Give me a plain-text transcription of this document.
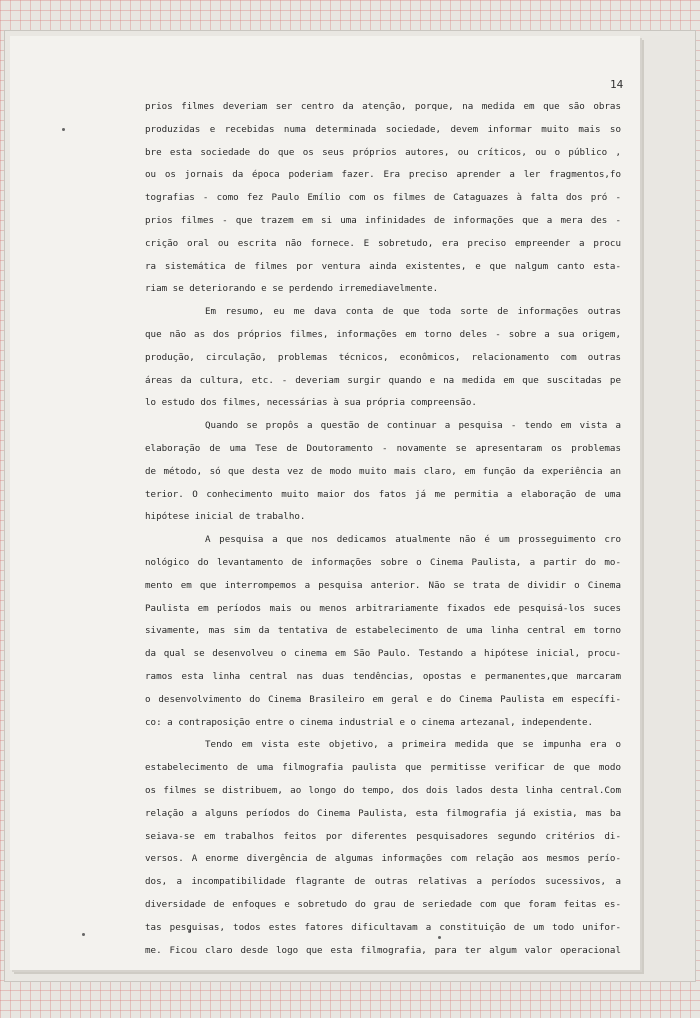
14
prios filmes deveriam ser centro da atenção, porque, na medida em que são obras
produzidas e recebidas numa determinada sociedade, devem informar muito mais so
bre esta sociedade do que os seus próprios autores, ou críticos, ou o público ,
ou os jornais da época poderiam fazer. Era preciso aprender a ler fragmentos,fo
tografias - como fez Paulo Emílio com os filmes de Cataguazes à falta dos pró -
prios filmes - que trazem em si uma infinidades de informações que a mera des -
crição oral ou escrita não fornece. E sobretudo, era preciso empreender a procu
ra sistemática de filmes por ventura ainda existentes, e que nalgum canto esta-
riam se deteriorando e se perdendo irremediavelmente.
Em resumo, eu me dava conta de que toda sorte de informações outras
que não as dos próprios filmes, informações em torno deles - sobre a sua origem,
produção, circulação, problemas técnicos, econômicos, relacionamento com outras
áreas da cultura, etc. - deveriam surgir quando e na medida em que suscitadas pe
lo estudo dos filmes, necessárias à sua própria compreensão.
Quando se propôs a questão de continuar a pesquisa - tendo em vista a
elaboração de uma Tese de Doutoramento - novamente se apresentaram os problemas
de método, só que desta vez de modo muito mais claro, em função da experiência an
terior. O conhecimento muito maior dos fatos já me permitia a elaboração de uma
hipótese inicial de trabalho.
A pesquisa a que nos dedicamos atualmente não é um prosseguimento cro
nológico do levantamento de informações sobre o Cinema Paulista, a partir do mo-
mento em que interrompemos a pesquisa anterior. Não se trata de dividir o Cinema
Paulista em períodos mais ou menos arbitrariamente fixados ede pesquisá-los suces
sivamente, mas sim da tentativa de estabelecimento de uma linha central em torno
da qual se desenvolveu o cinema em São Paulo. Testando a hipótese inicial, procu-
ramos esta linha central nas duas tendências, opostas e permanentes,que marcaram
o desenvolvimento do Cinema Brasileiro em geral e do Cinema Paulista em específi-
co: a contraposição entre o cinema industrial e o cinema artezanal, independente.
Tendo em vista este objetivo, a primeira medida que se impunha era o
estabelecimento de uma filmografia paulista que permitisse verificar de que modo
os filmes se distribuem, ao longo do tempo, dos dois lados desta linha central.Com
relação a alguns períodos do Cinema Paulista, esta filmografia já existia, mas ba
seiava-se em trabalhos feitos por diferentes pesquisadores segundo critérios di-
versos. A enorme divergência de algumas informações com relação aos mesmos perío-
dos, a incompatibilidade flagrante de outras relativas a períodos sucessivos, a
diversidade de enfoques e sobretudo do grau de seriedade com que foram feitas es-
tas pesquisas, todos estes fatores dificultavam a constituição de um todo unifor-
me. Ficou claro desde logo que esta filmografia, para ter algum valor operacional
